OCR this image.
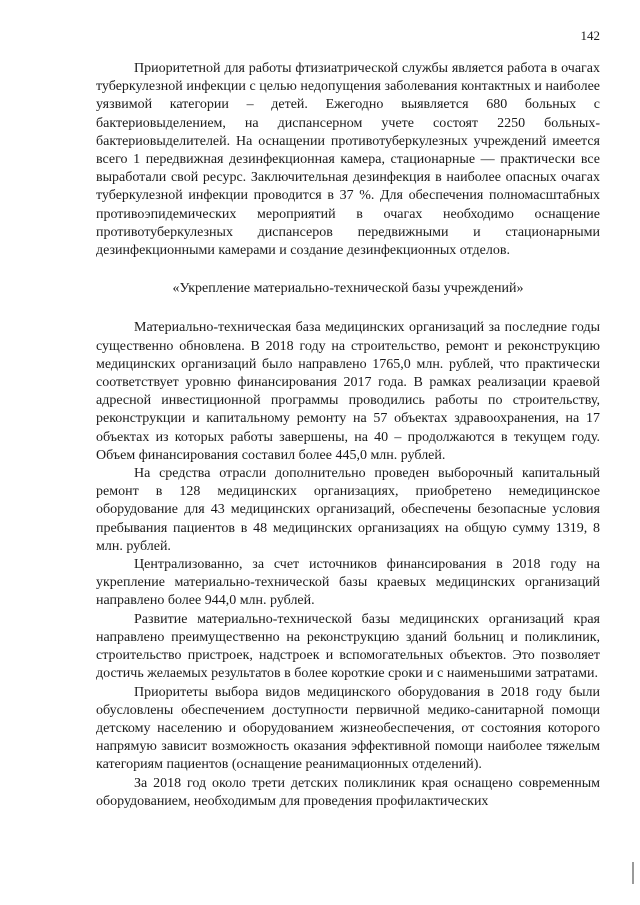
142

Приоритетной для работы фтизиатрической службы является работа в очагах туберкулезной инфекции с целью недопущения заболевания контактных и наиболее уязвимой категории – детей. Ежегодно выявляется 680 больных с бактериовыделением, на диспансерном учете состоят 2250 больных-бактериовыделителей. На оснащении противотуберкулезных учреждений имеется всего 1 передвижная дезинфекционная камера, стационарные — практически все выработали свой ресурс. Заключительная дезинфекция в наиболее опасных очагах туберкулезной инфекции проводится в 37 %. Для обеспечения полномасштабных противоэпидемических мероприятий в очагах необходимо оснащение противотуберкулезных диспансеров передвижными и стационарными дезинфекционными камерами и создание дезинфекционных отделов.

«Укрепление материально-технической базы учреждений»

Материально-техническая база медицинских организаций за последние годы существенно обновлена. В 2018 году на строительство, ремонт и реконструкцию медицинских организаций было направлено 1765,0 млн. рублей, что практически соответствует уровню финансирования 2017 года. В рамках реализации краевой адресной инвестиционной программы проводились работы по строительству, реконструкции и капитальному ремонту на 57 объектах здравоохранения, на 17 объектах из которых работы завершены, на 40 – продолжаются в текущем году. Объем финансирования составил более 445,0 млн. рублей.

На средства отрасли дополнительно проведен выборочный капитальный ремонт в 128 медицинских организациях, приобретено немедицинское оборудование для 43 медицинских организаций, обеспечены безопасные условия пребывания пациентов в 48 медицинских организациях на общую сумму 1319, 8 млн. рублей.

Централизованно, за счет источников финансирования в 2018 году на укрепление материально-технической базы краевых медицинских организаций направлено более 944,0 млн. рублей.

Развитие материально-технической базы медицинских организаций края направлено преимущественно на реконструкцию зданий больниц и поликлиник, строительство пристроек, надстроек и вспомогательных объектов. Это позволяет достичь желаемых результатов в более короткие сроки и с наименьшими затратами.

Приоритеты выбора видов медицинского оборудования в 2018 году были обусловлены обеспечением доступности первичной медико-санитарной помощи детскому населению и оборудованием жизнеобеспечения, от состояния которого напрямую зависит возможность оказания эффективной помощи наиболее тяжелым категориям пациентов (оснащение реанимационных отделений).

За 2018 год около трети детских поликлиник края оснащено современным оборудованием, необходимым для проведения профилактических
